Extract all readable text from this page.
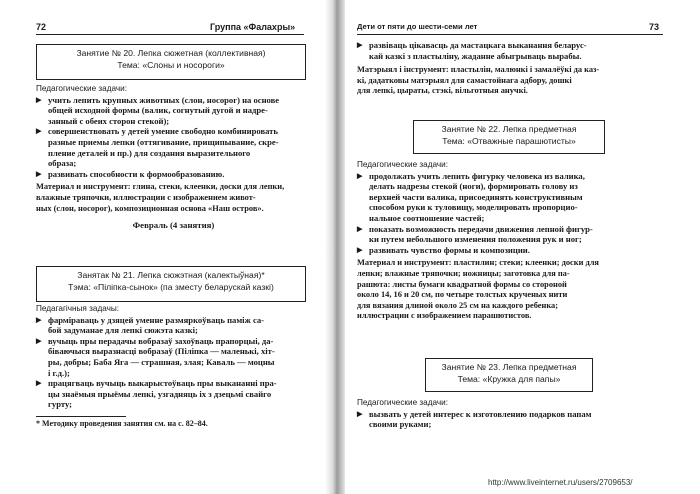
72	Группа «Фалахры»
Занятие № 20. Лепка сюжетная (коллективная)
Тема: «Слоны и носороги»
Педагогические задачи:
▶ учить лепить крупных животных (слон, носорог) на основе
общей исходной формы (валик, согнутый дугой и надре-
занный с обеих сторон стекой);
▶ совершенствовать у детей умение свободно комбинировать
разные приемы лепки (оттягивание, прищипывание, скре-
пление деталей и пр.) для создания выразительного
образа;
▶ развивать способности к формообразованию.
Материал и инструмент: глина, стеки, клеенки, доски для лепки,
влажные тряпочки, иллюстрации с изображением живот-
ных (слон, носорог), композиционная основа «Наш остров».
Февраль (4 занятия)
Занятак № 21. Лепка сюжэтная (калектыўная)*
Тэма: «Піліпка-сынок» (па зместу беларускай казкі)
Педагагічныя задачы:
▶ фарміраваць у дзяцей уменне размяркоўваць паміж са-
бой задуманае для лепкі сюжэта казкі;
▶ вучыць пры перадачы вобразаў захоўваць прапорцыі, да-
біваючыся выразнасці вобразаў (Піліпка — маленькі, хіт-
ры, добры; Баба Яга — страшная, злая; Каваль — моцны
і г.д.);
▶ працягваць вучыць выкарыстоўваць пры выкананні пра-
цы знаёмыя прыёмы лепкі, узгадняць іх з дзецьмі свайго
гурту;
* Методику проведения занятия см. на с. 82–84.
Дети от пяти до шести-семи лет	73
▶ развіваць цікавасць да мастацкага выканання беларус-
кай казкі з пластыліну, жаданне абыгрываць вырабы.
Матэрыял і інструмент: пластылін, малюнкі і замалёўкі да каз-
кі, дадатковы матэрыял для самастойнага адбору, дошкі
для лепкі, цыраты, стэкі, вільготныя анучкі.
Занятие № 22. Лепка предметная
Тема: «Отважные парашютисты»
Педагогические задачи:
▶ продолжать учить лепить фигурку человека из валика,
делать надрезы стекой (ноги), формировать голову из
верхней части валика, присоединять конструктивным
способом руки к туловищу, моделировать пропорцио-
нальное соотношение частей;
▶ показать возможность передачи движения лепной фигур-
ки путем небольшого изменения положения рук и ног;
▶ развивать чувство формы и композиции.
Материал и инструмент: пластилин; стеки; клеенки; доски для
лепки; влажные тряпочки; ножницы; заготовка для па-
рашюта: листы бумаги квадратной формы со стороной
около 14, 16 и 20 см, по четыре толстых крученых нити
для вязания длиной около 25 см на каждого ребенка;
иллюстрации с изображением парашютистов.
Занятие № 23. Лепка предметная
Тема: «Кружка для папы»
Педагогические задачи:
▶ вызвать у детей интерес к изготовлению подарков папам
своими руками;
http://www.liveinternet.ru/users/2709653/
